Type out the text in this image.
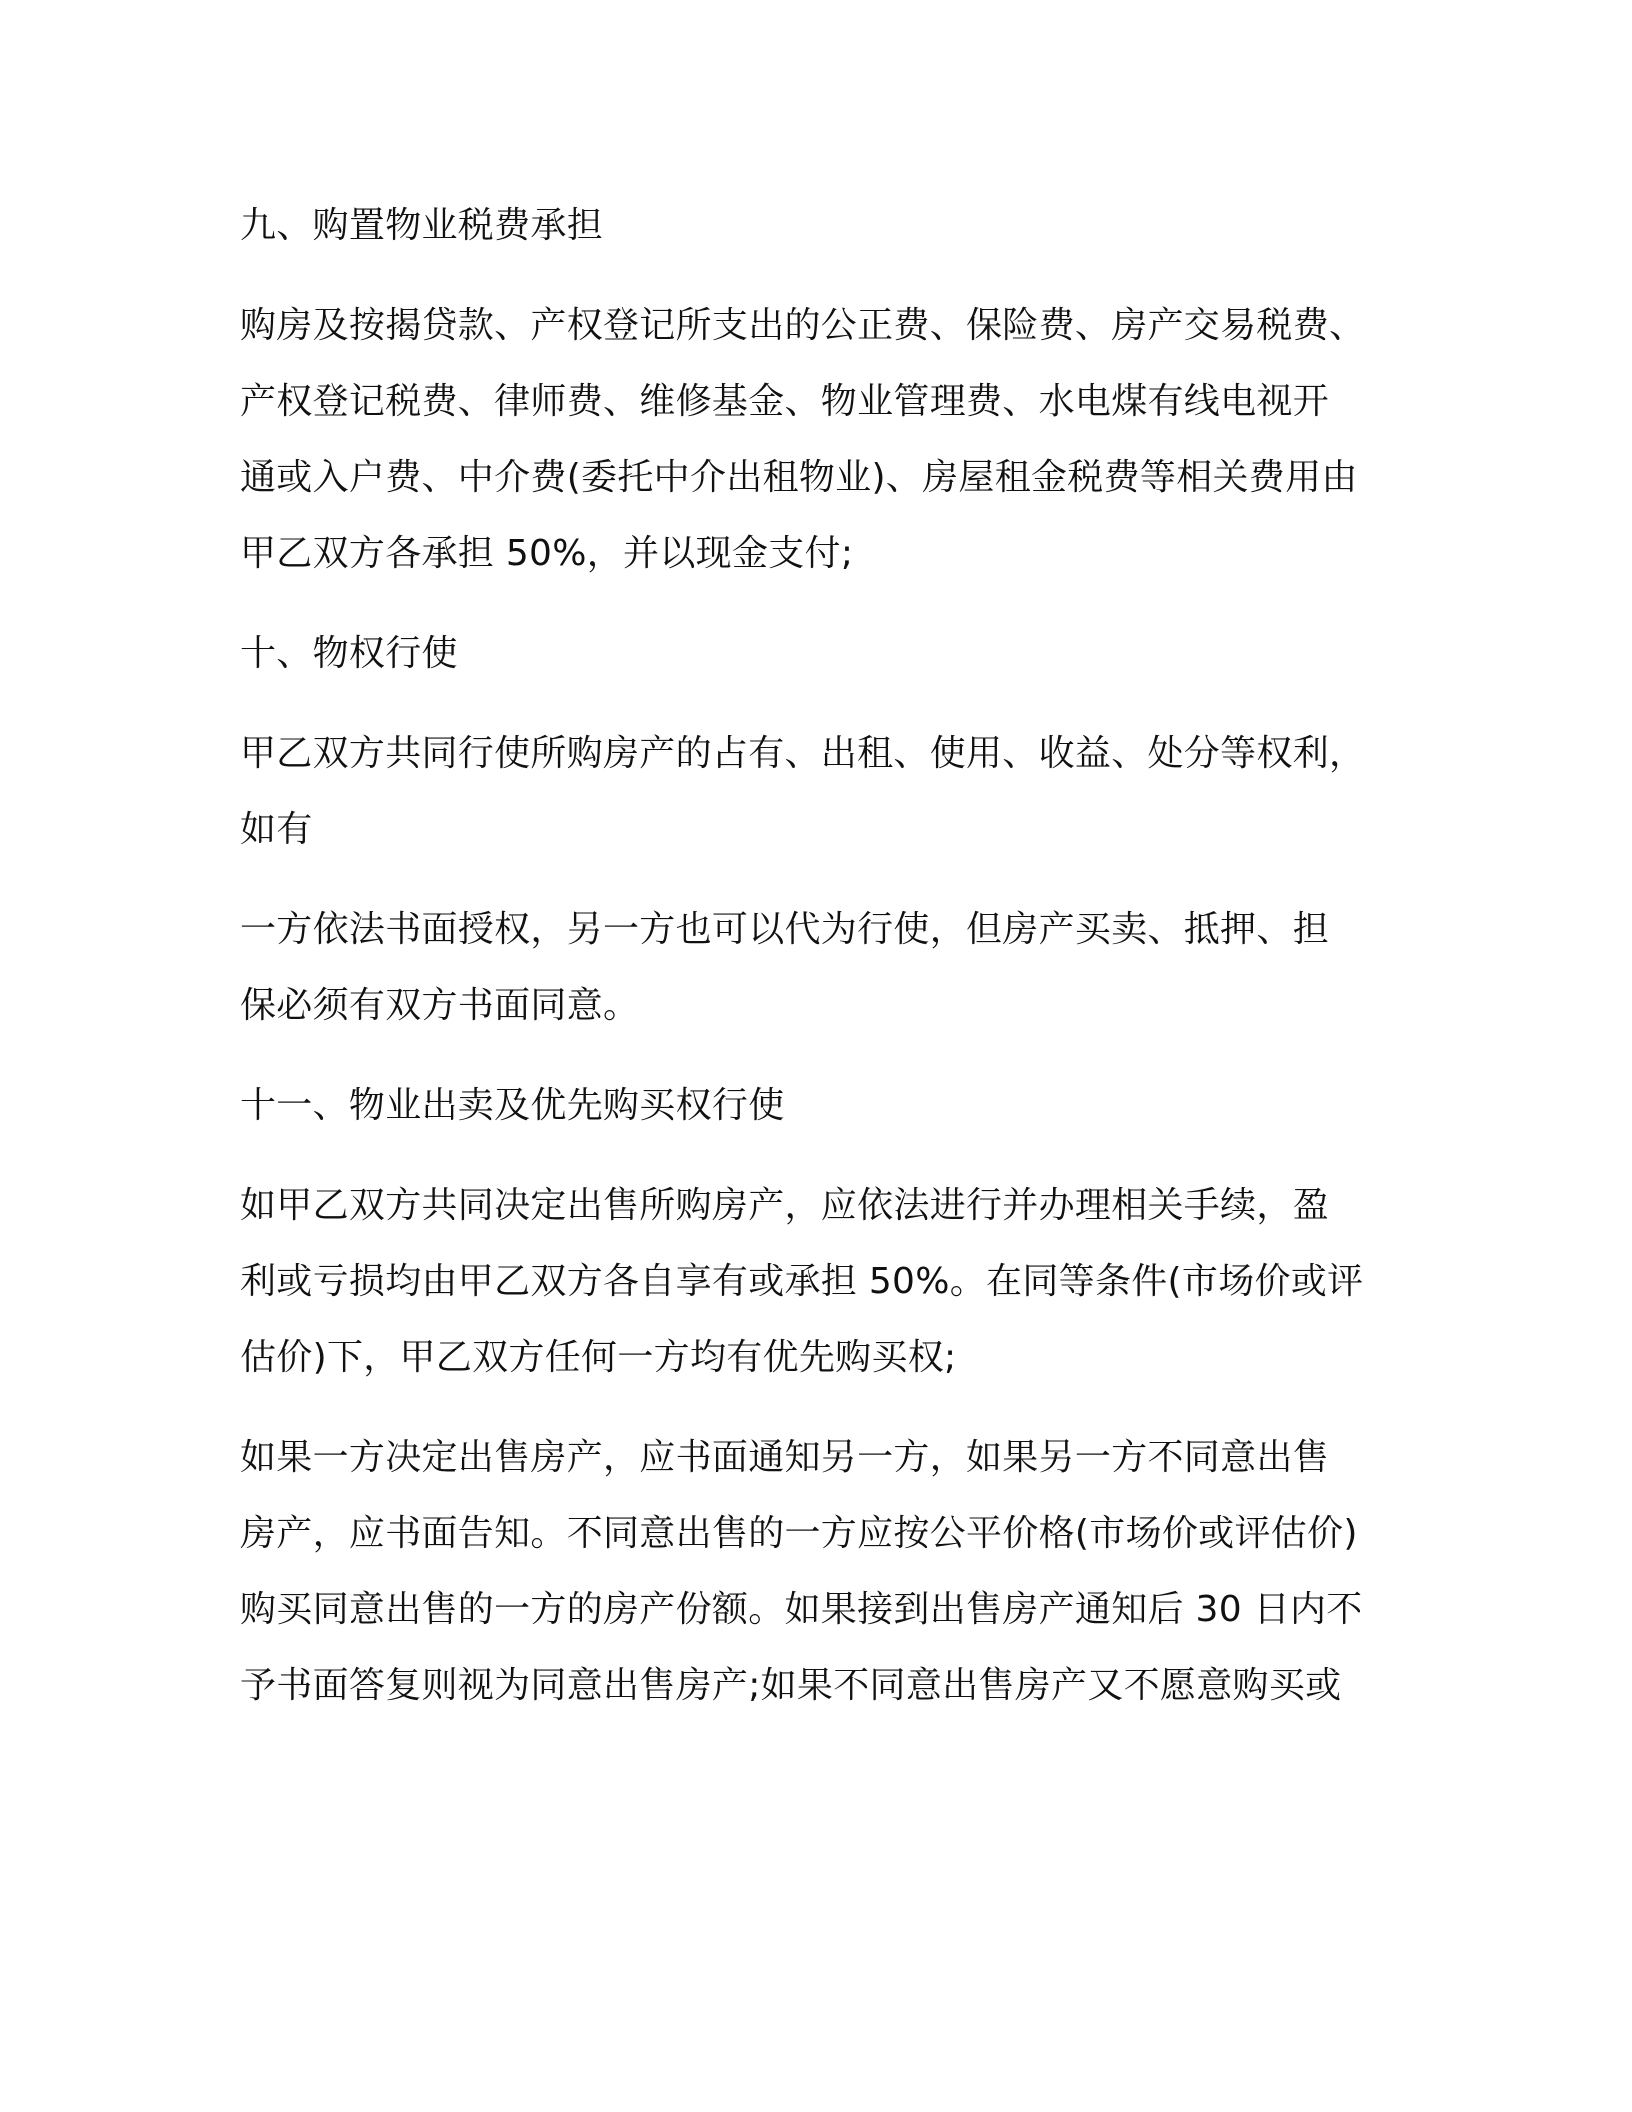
九、购置物业税费承担

购房及按揭贷款、产权登记所支出的公正费、保险费、房产交易税费、
产权登记税费、律师费、维修基金、物业管理费、水电煤有线电视开
通或入户费、中介费(委托中介出租物业)、房屋租金税费等相关费用由
甲乙双方各承担 50%，并以现金支付;

十、物权行使

甲乙双方共同行使所购房产的占有、出租、使用、收益、处分等权利，
如有

一方依法书面授权，另一方也可以代为行使，但房产买卖、抵押、担
保必须有双方书面同意。

十一、物业出卖及优先购买权行使

如甲乙双方共同决定出售所购房产，应依法进行并办理相关手续，盈
利或亏损均由甲乙双方各自享有或承担 50%。在同等条件(市场价或评
估价)下，甲乙双方任何一方均有优先购买权;

如果一方决定出售房产，应书面通知另一方，如果另一方不同意出售
房产，应书面告知。不同意出售的一方应按公平价格(市场价或评估价)
购买同意出售的一方的房产份额。如果接到出售房产通知后 30 日内不
予书面答复则视为同意出售房产;如果不同意出售房产又不愿意购买或
